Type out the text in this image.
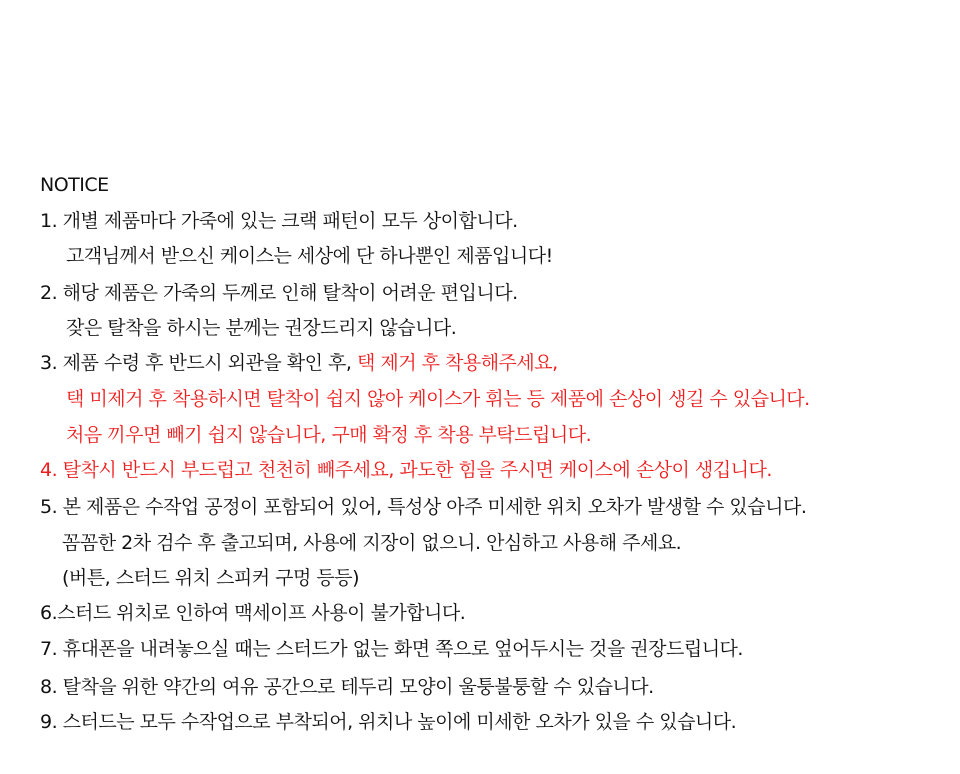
NOTICE
1. 개별 제품마다 가죽에 있는 크랙 패턴이 모두 상이합니다.
고객님께서 받으신 케이스는 세상에 단 하나뿐인 제품입니다!
2. 해당 제품은 가죽의 두께로 인해 탈착이 어려운 편입니다.
잦은 탈착을 하시는 분께는 권장드리지 않습니다.
3. 제품 수령 후 반드시 외관을 확인 후, 택 제거 후 착용해주세요,
택 미제거 후 착용하시면 탈착이 쉽지 않아 케이스가 휘는 등 제품에 손상이 생길 수 있습니다.
처음 끼우면 빼기 쉽지 않습니다, 구매 확정 후 착용 부탁드립니다.
4. 탈착시 반드시 부드럽고 천천히 빼주세요, 과도한 힘을 주시면 케이스에 손상이 생깁니다.
5. 본 제품은 수작업 공정이 포함되어 있어, 특성상 아주 미세한 위치 오차가 발생할 수 있습니다.
꼼꼼한 2차 검수 후 출고되며, 사용에 지장이 없으니. 안심하고 사용해 주세요.
(버튼, 스터드 위치 스피커 구멍 등등)
6.스터드 위치로 인하여 맥세이프 사용이 불가합니다.
7. 휴대폰을 내려놓으실 때는 스터드가 없는 화면 쪽으로 엎어두시는 것을 권장드립니다.
8. 탈착을 위한 약간의 여유 공간으로 테두리 모양이 울퉁불퉁할 수 있습니다.
9. 스터드는 모두 수작업으로 부착되어, 위치나 높이에 미세한 오차가 있을 수 있습니다.
